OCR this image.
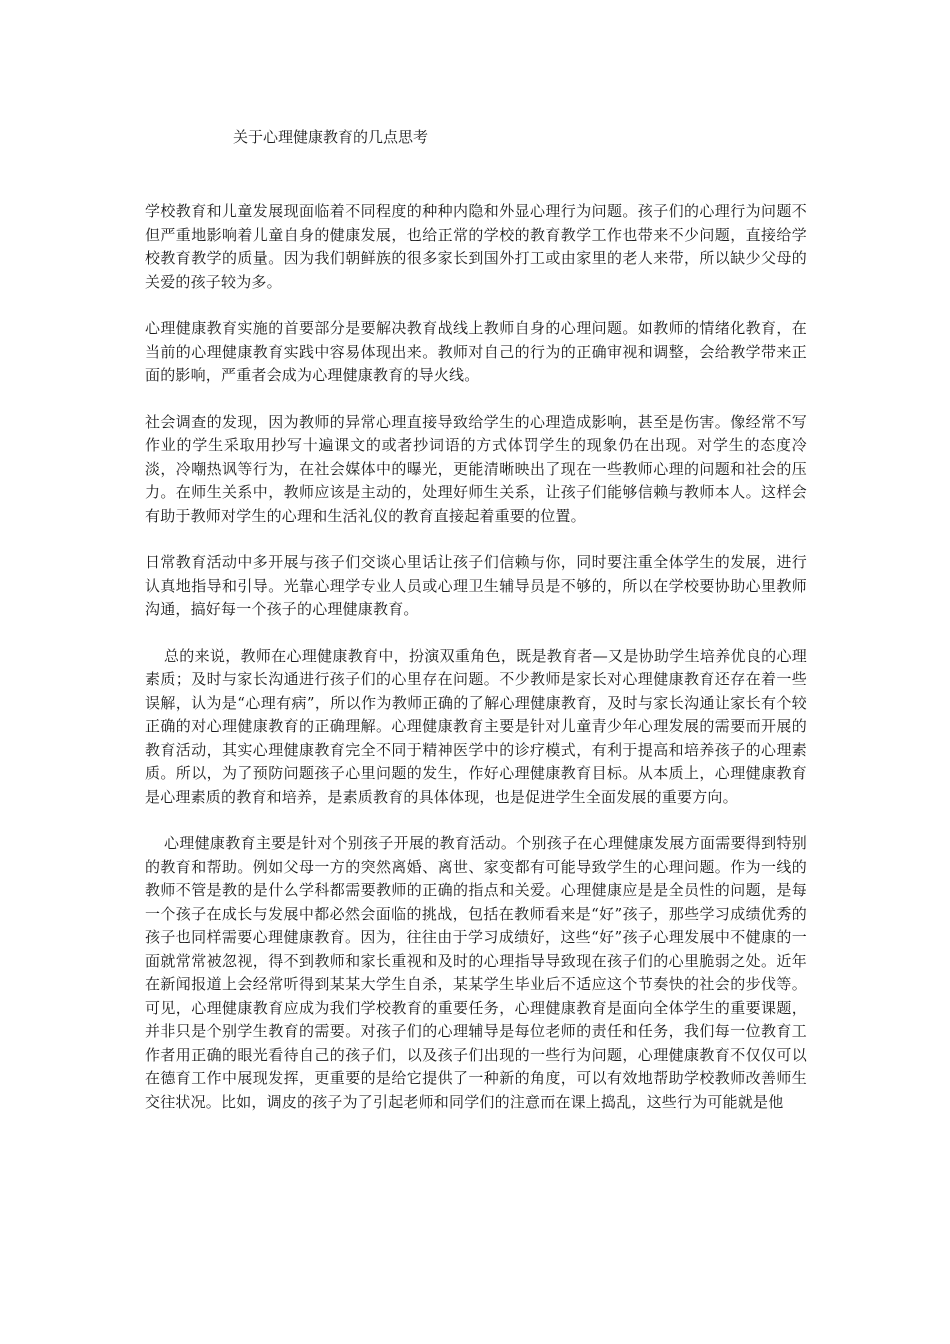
关于心理健康教育的几点思考

学校教育和儿童发展现面临着不同程度的种种内隐和外显心理行为问题。孩子们的心理行为问题不但严重地影响着儿童自身的健康发展，也给正常的学校的教育教学工作也带来不少问题，直接给学校教育教学的质量。因为我们朝鲜族的很多家长到国外打工或由家里的老人来带，所以缺少父母的关爱的孩子较为多。

心理健康教育实施的首要部分是要解决教育战线上教师自身的心理问题。如教师的情绪化教育，在当前的心理健康教育实践中容易体现出来。教师对自己的行为的正确审视和调整，会给教学带来正面的影响，严重者会成为心理健康教育的导火线。

社会调查的发现，因为教师的异常心理直接导致给学生的心理造成影响，甚至是伤害。像经常不写作业的学生采取用抄写十遍课文的或者抄词语的方式体罚学生的现象仍在出现。对学生的态度冷淡，冷嘲热讽等行为，在社会媒体中的曝光，更能清晰映出了现在一些教师心理的问题和社会的压力。在师生关系中，教师应该是主动的，处理好师生关系，让孩子们能够信赖与教师本人。这样会有助于教师对学生的心理和生活礼仪的教育直接起着重要的位置。

日常教育活动中多开展与孩子们交谈心里话让孩子们信赖与你，同时要注重全体学生的发展，进行认真地指导和引导。光靠心理学专业人员或心理卫生辅导员是不够的，所以在学校要协助心里教师沟通，搞好每一个孩子的心理健康教育。

总的来说，教师在心理健康教育中，扮演双重角色，既是教育者—又是协助学生培养优良的心理素质；及时与家长沟通进行孩子们的心里存在问题。不少教师是家长对心理健康教育还存在着一些误解，认为是“心理有病”，所以作为教师正确的了解心理健康教育，及时与家长沟通让家长有个较正确的对心理健康教育的正确理解。心理健康教育主要是针对儿童青少年心理发展的需要而开展的教育活动，其实心理健康教育完全不同于精神医学中的诊疗模式，有利于提高和培养孩子的心理素质。所以，为了预防问题孩子心里问题的发生，作好心理健康教育目标。从本质上，心理健康教育是心理素质的教育和培养，是素质教育的具体体现，也是促进学生全面发展的重要方向。

心理健康教育主要是针对个别孩子开展的教育活动。个别孩子在心理健康发展方面需要得到特别的教育和帮助。例如父母一方的突然离婚、离世、家变都有可能导致学生的心理问题。作为一线的教师不管是教的是什么学科都需要教师的正确的指点和关爱。心理健康应是是全员性的问题，是每一个孩子在成长与发展中都必然会面临的挑战，包括在教师看来是“好”孩子，那些学习成绩优秀的孩子也同样需要心理健康教育。因为，往往由于学习成绩好，这些“好”孩子心理发展中不健康的一面就常常被忽视，得不到教师和家长重视和及时的心理指导导致现在孩子们的心里脆弱之处。近年在新闻报道上会经常听得到某某大学生自杀，某某学生毕业后不适应这个节奏快的社会的步伐等。可见，心理健康教育应成为我们学校教育的重要任务，心理健康教育是面向全体学生的重要课题，并非只是个别学生教育的需要。对孩子们的心理辅导是每位老师的责任和任务，我们每一位教育工作者用正确的眼光看待自己的孩子们，以及孩子们出现的一些行为问题，心理健康教育不仅仅可以在德育工作中展现发挥，更重要的是给它提供了一种新的角度，可以有效地帮助学校教师改善师生交往状况。比如，调皮的孩子为了引起老师和同学们的注意而在课上捣乱，这些行为可能就是他
